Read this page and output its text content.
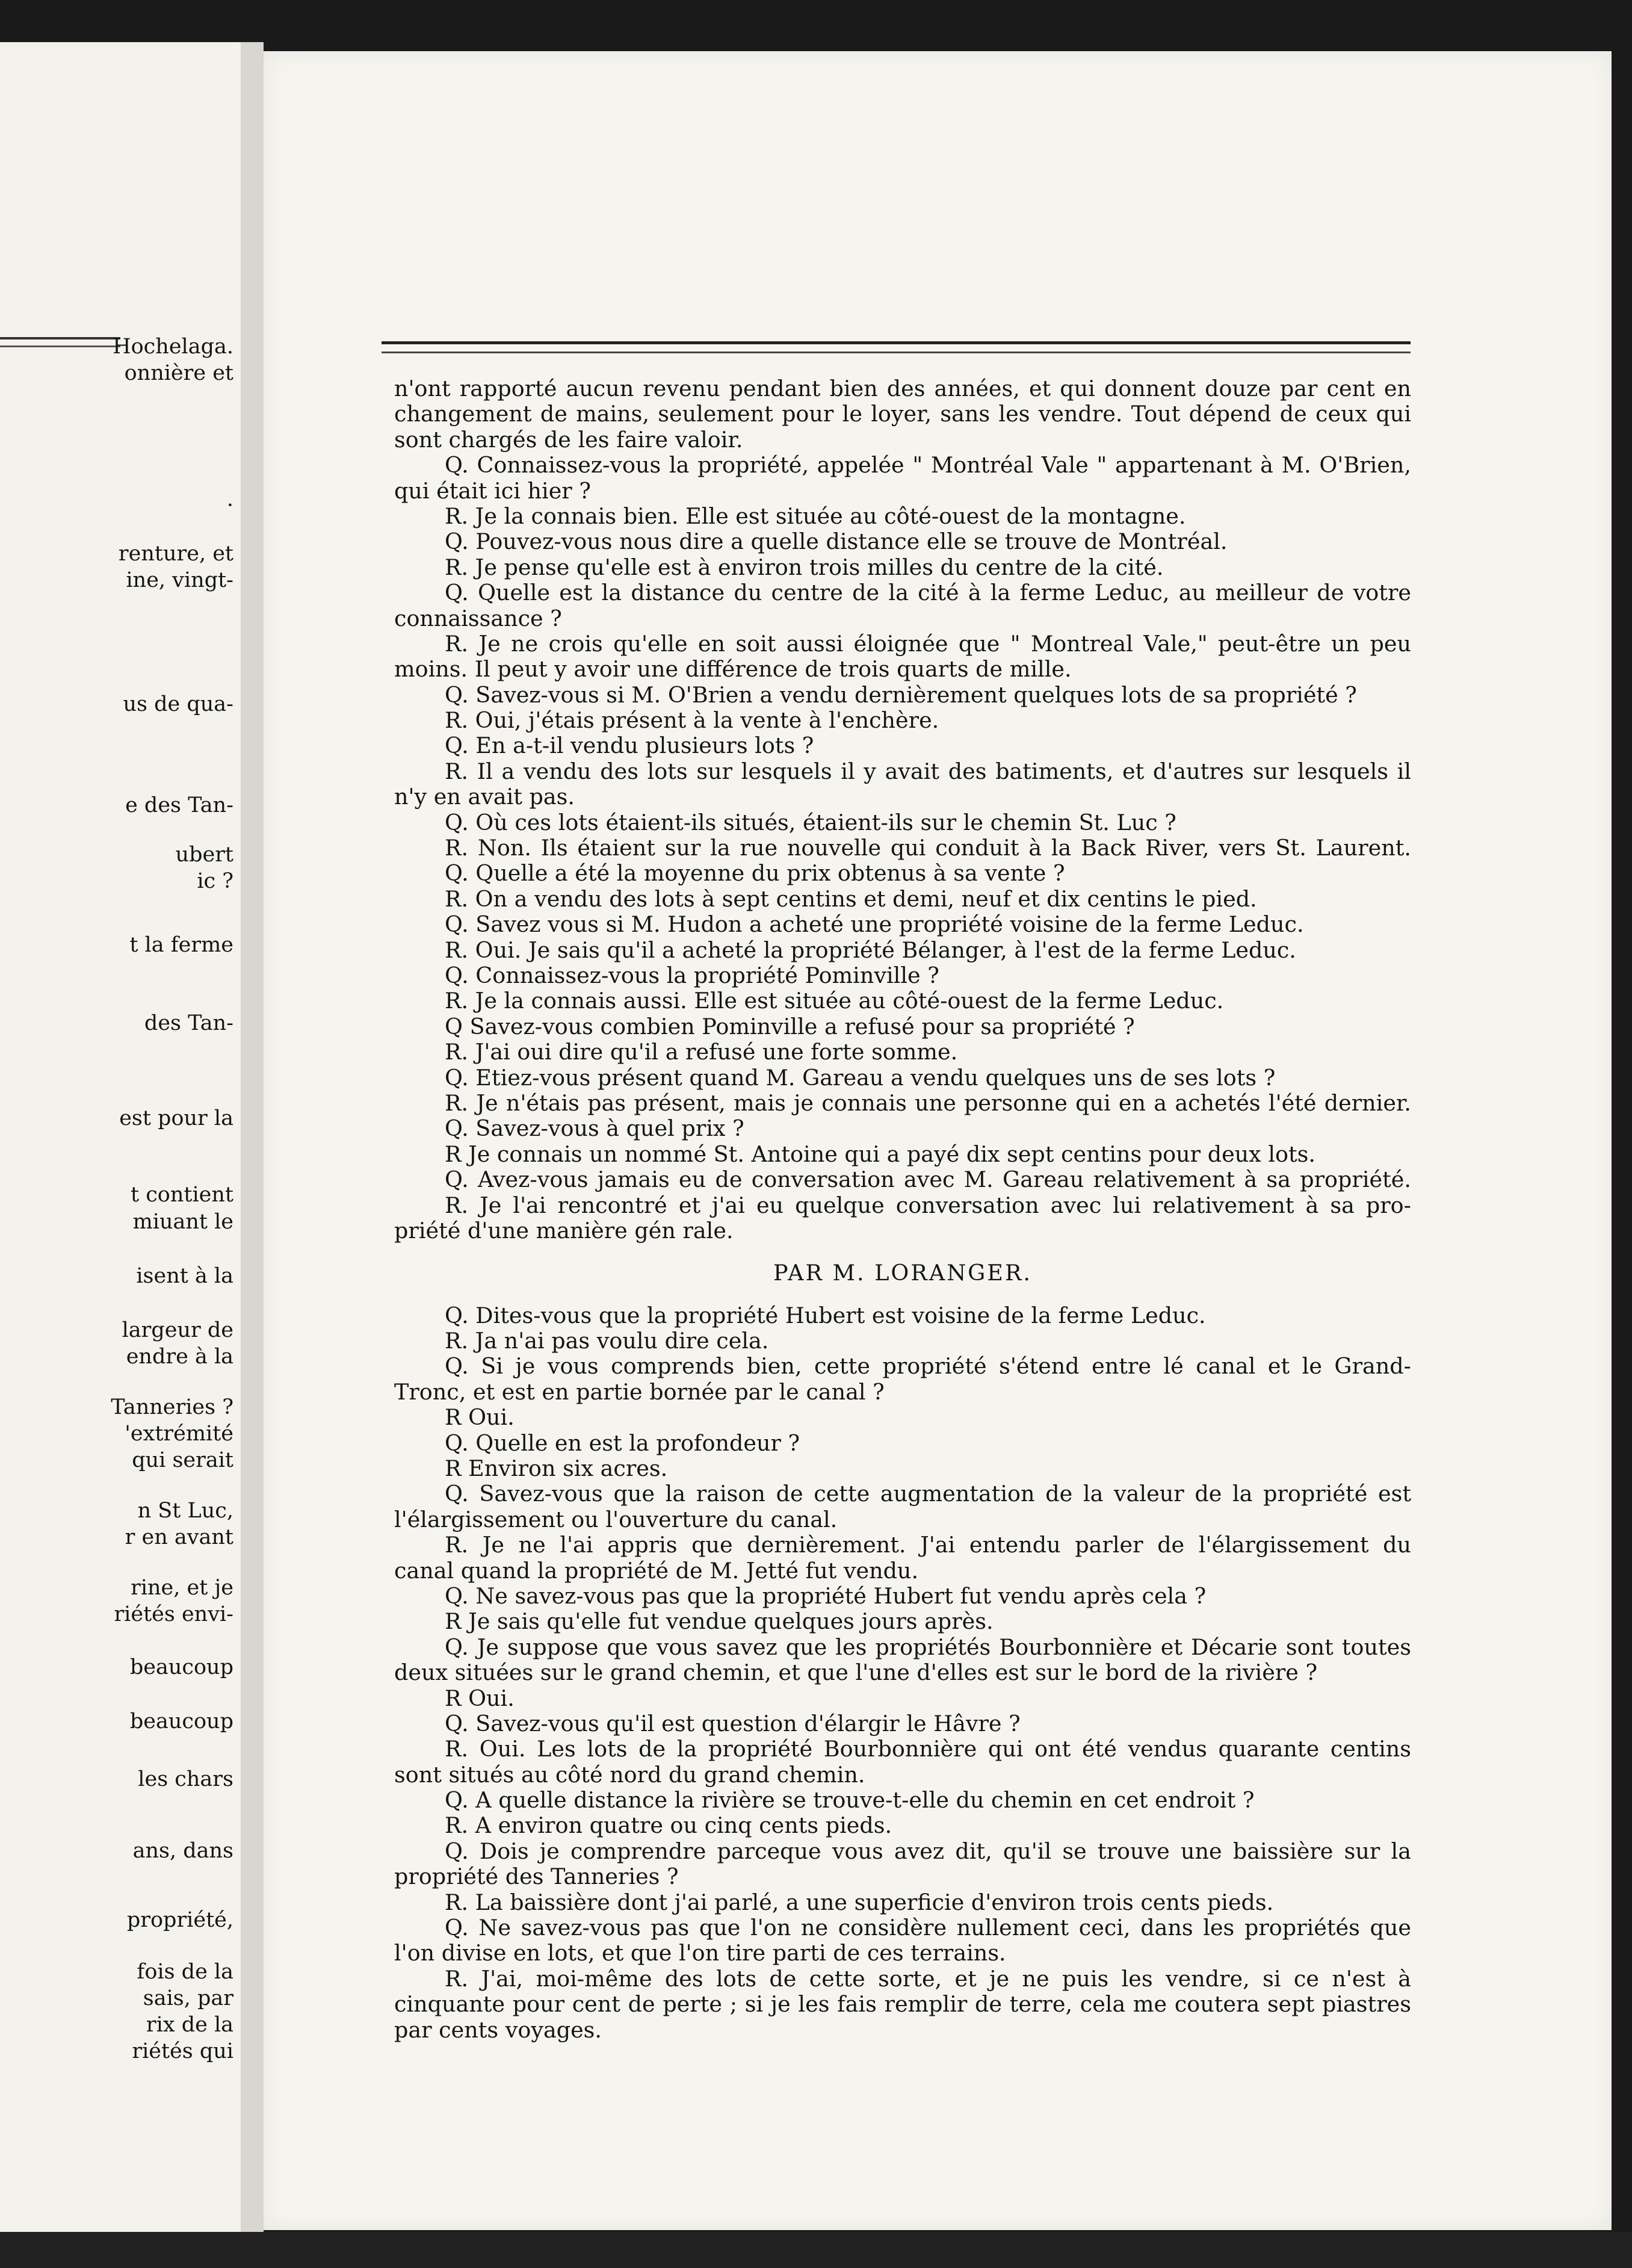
Hochelaga.
onnière et
·
renture, et
ine, vingt-
us de qua-
e des Tan-
ubert
ic ?
t la ferme
des Tan-
est pour la
t contient
miuant le
isent à la
largeur de
endre à la
Tanneries ?
'extrémité
qui serait
n St Luc,
r en avant
rine, et je
riétés envi-
beaucoup
beaucoup
les chars
ans, dans
propriété,
fois de la
sais, par
rix de la
riétés qui
n'ont rapporté aucun revenu pendant bien des années, et qui donnent douze par cent en
changement de mains, seulement pour le loyer, sans les vendre. Tout dépend de ceux qui
sont chargés de les faire valoir.
Q. Connaissez-vous la propriété, appelée " Montréal Vale " appartenant à M. O'Brien,
qui était ici hier ?
R. Je la connais bien. Elle est située au côté-ouest de la montagne.
Q. Pouvez-vous nous dire a quelle distance elle se trouve de Montréal.
R. Je pense qu'elle est à environ trois milles du centre de la cité.
Q. Quelle est la distance du centre de la cité à la ferme Leduc, au meilleur de votre
connaissance ?
R. Je ne crois qu'elle en soit aussi éloignée que " Montreal Vale," peut-être un peu
moins. Il peut y avoir une différence de trois quarts de mille.
Q. Savez-vous si M. O'Brien a vendu dernièrement quelques lots de sa propriété ?
R. Oui, j'étais présent à la vente à l'enchère.
Q. En a-t-il vendu plusieurs lots ?
R. Il a vendu des lots sur lesquels il y avait des batiments, et d'autres sur lesquels il
n'y en avait pas.
Q. Où ces lots étaient-ils situés, étaient-ils sur le chemin St. Luc ?
R. Non. Ils étaient sur la rue nouvelle qui conduit à la Back River, vers St. Laurent.
Q. Quelle a été la moyenne du prix obtenus à sa vente ?
R. On a vendu des lots à sept centins et demi, neuf et dix centins le pied.
Q. Savez vous si M. Hudon a acheté une propriété voisine de la ferme Leduc.
R. Oui. Je sais qu'il a acheté la propriété Bélanger, à l'est de la ferme Leduc.
Q. Connaissez-vous la propriété Pominville ?
R. Je la connais aussi. Elle est située au côté-ouest de la ferme Leduc.
Q Savez-vous combien Pominville a refusé pour sa propriété ?
R. J'ai oui dire qu'il a refusé une forte somme.
Q. Etiez-vous présent quand M. Gareau a vendu quelques uns de ses lots ?
R. Je n'étais pas présent, mais je connais une personne qui en a achetés l'été dernier.
Q. Savez-vous à quel prix ?
R Je connais un nommé St. Antoine qui a payé dix sept centins pour deux lots.
Q. Avez-vous jamais eu de conversation avec M. Gareau relativement à sa propriété.
R. Je l'ai rencontré et j'ai eu quelque conversation avec lui relativement à sa pro-
priété d'une manière gén rale.
PAR M. LORANGER.
Q. Dites-vous que la propriété Hubert est voisine de la ferme Leduc.
R. Ja n'ai pas voulu dire cela.
Q. Si je vous comprends bien, cette propriété s'étend entre lé canal et le Grand-
Tronc, et est en partie bornée par le canal ?
R Oui.
Q. Quelle en est la profondeur ?
R Environ six acres.
Q. Savez-vous que la raison de cette augmentation de la valeur de la propriété est
l'élargissement ou l'ouverture du canal.
R. Je ne l'ai appris que dernièrement. J'ai entendu parler de l'élargissement du
canal quand la propriété de M. Jetté fut vendu.
Q. Ne savez-vous pas que la propriété Hubert fut vendu après cela ?
R Je sais qu'elle fut vendue quelques jours après.
Q. Je suppose que vous savez que les propriétés Bourbonnière et Décarie sont toutes
deux situées sur le grand chemin, et que l'une d'elles est sur le bord de la rivière ?
R Oui.
Q. Savez-vous qu'il est question d'élargir le Hâvre ?
R. Oui. Les lots de la propriété Bourbonnière qui ont été vendus quarante centins
sont situés au côté nord du grand chemin.
Q. A quelle distance la rivière se trouve-t-elle du chemin en cet endroit ?
R. A environ quatre ou cinq cents pieds.
Q. Dois je comprendre parceque vous avez dit, qu'il se trouve une baissière sur la
propriété des Tanneries ?
R. La baissière dont j'ai parlé, a une superficie d'environ trois cents pieds.
Q. Ne savez-vous pas que l'on ne considère nullement ceci, dans les propriétés que
l'on divise en lots, et que l'on tire parti de ces terrains.
R. J'ai, moi-même des lots de cette sorte, et je ne puis les vendre, si ce n'est à
cinquante pour cent de perte ; si je les fais remplir de terre, cela me coutera sept piastres
par cents voyages.
